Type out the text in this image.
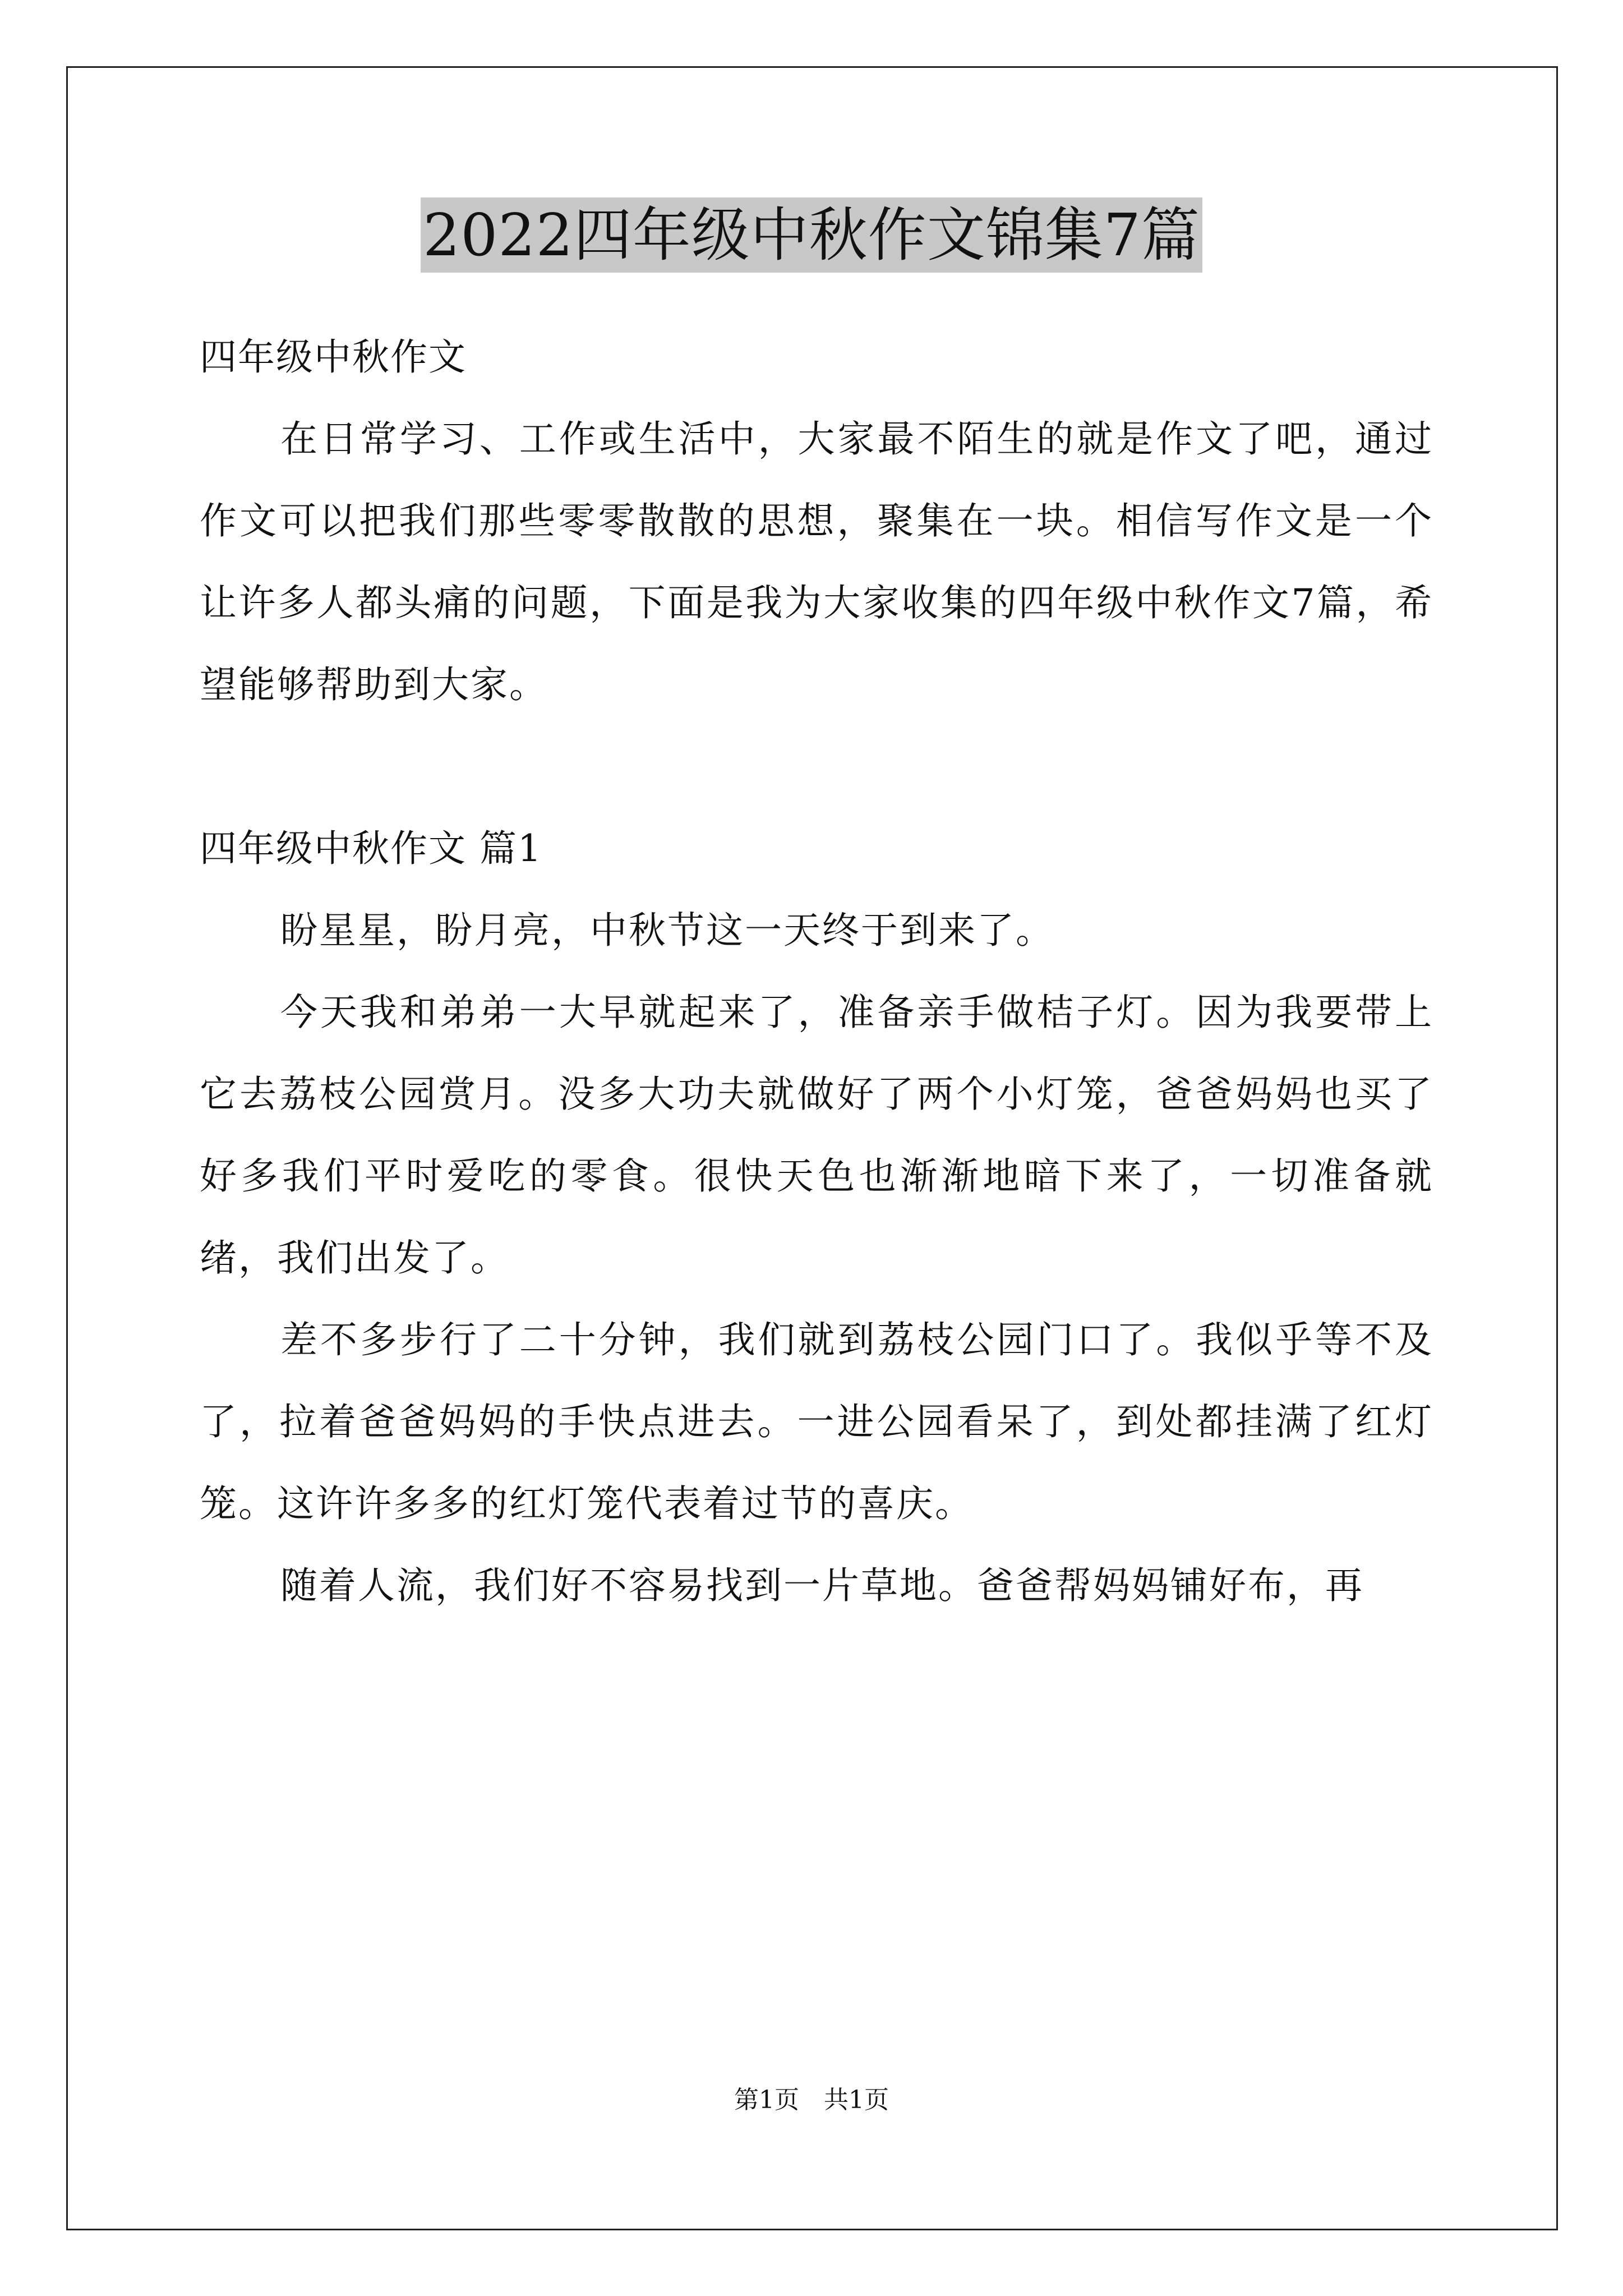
2022四年级中秋作文锦集7篇

四年级中秋作文

在日常学习、工作或生活中，大家最不陌生的就是作文了吧，通过作文可以把我们那些零零散散的思想，聚集在一块。相信写作文是一个让许多人都头痛的问题，下面是我为大家收集的四年级中秋作文7篇，希望能够帮助到大家。

四年级中秋作文 篇1

盼星星，盼月亮，中秋节这一天终于到来了。

今天我和弟弟一大早就起来了，准备亲手做桔子灯。因为我要带上它去荔枝公园赏月。没多大功夫就做好了两个小灯笼，爸爸妈妈也买了好多我们平时爱吃的零食。很快天色也渐渐地暗下来了，一切准备就绪，我们出发了。

差不多步行了二十分钟，我们就到荔枝公园门口了。我似乎等不及了，拉着爸爸妈妈的手快点进去。一进公园看呆了，到处都挂满了红灯笼。这许许多多的红灯笼代表着过节的喜庆。

随着人流，我们好不容易找到一片草地。爸爸帮妈妈铺好布，再

第1页　共1页
